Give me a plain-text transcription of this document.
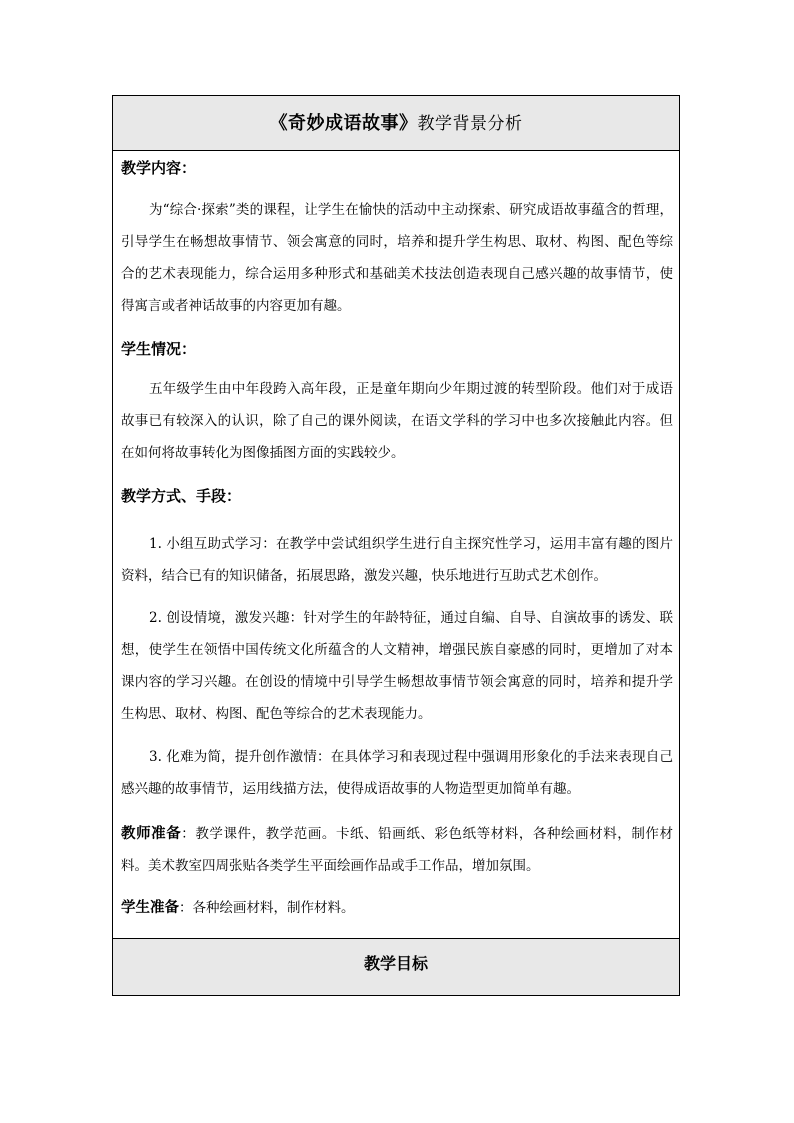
《奇妙成语故事》教学背景分析
教学内容：
为“综合·探索”类的课程，让学生在愉快的活动中主动探索、研究成语故事蕴含的哲理，引导学生在畅想故事情节、领会寓意的同时，培养和提升学生构思、取材、构图、配色等综合的艺术表现能力，综合运用多种形式和基础美术技法创造表现自己感兴趣的故事情节，使得寓言或者神话故事的内容更加有趣。
学生情况：
五年级学生由中年段跨入高年段，正是童年期向少年期过渡的转型阶段。他们对于成语故事已有较深入的认识，除了自己的课外阅读，在语文学科的学习中也多次接触此内容。但在如何将故事转化为图像插图方面的实践较少。
教学方式、手段：
1. 小组互助式学习：在教学中尝试组织学生进行自主探究性学习，运用丰富有趣的图片资料，结合已有的知识储备，拓展思路，激发兴趣，快乐地进行互助式艺术创作。
2. 创设情境，激发兴趣：针对学生的年龄特征，通过自编、自导、自演故事的诱发、联想，使学生在领悟中国传统文化所蕴含的人文精神，增强民族自豪感的同时，更增加了对本课内容的学习兴趣。在创设的情境中引导学生畅想故事情节领会寓意的同时，培养和提升学生构思、取材、构图、配色等综合的艺术表现能力。
3. 化难为简，提升创作激情：在具体学习和表现过程中强调用形象化的手法来表现自己感兴趣的故事情节，运用线描方法，使得成语故事的人物造型更加简单有趣。
教师准备：教学课件，教学范画。卡纸、铅画纸、彩色纸等材料，各种绘画材料，制作材料。美术教室四周张贴各类学生平面绘画作品或手工作品，增加氛围。
学生准备：各种绘画材料，制作材料。
教学目标
